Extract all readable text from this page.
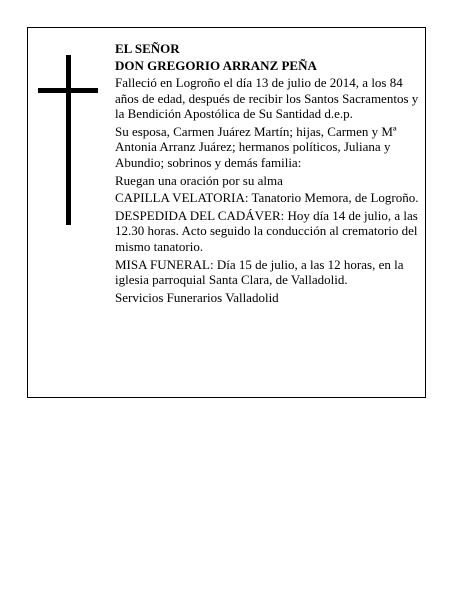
EL SEÑOR

DON GREGORIO ARRANZ PEÑA

Falleció en Logroño el día 13 de julio de 2014, a los 84 años de edad, después de recibir los Santos Sacramentos y la Bendición Apostólica de Su Santidad d.e.p.

Su esposa, Carmen Juárez Martín; hijas, Carmen y Mª Antonia Arranz Juárez; hermanos políticos, Juliana y Abundio; sobrinos y demás familia:

Ruegan una oración por su alma

CAPILLA VELATORIA: Tanatorio Memora, de Logroño.

DESPEDIDA DEL CADÁVER: Hoy día 14 de julio, a las 12.30 horas. Acto seguido la conducción al crematorio del mismo tanatorio.

MISA FUNERAL: Día 15 de julio, a las 12 horas, en la iglesia parroquial Santa Clara, de Valladolid.

Servicios Funerarios Valladolid
